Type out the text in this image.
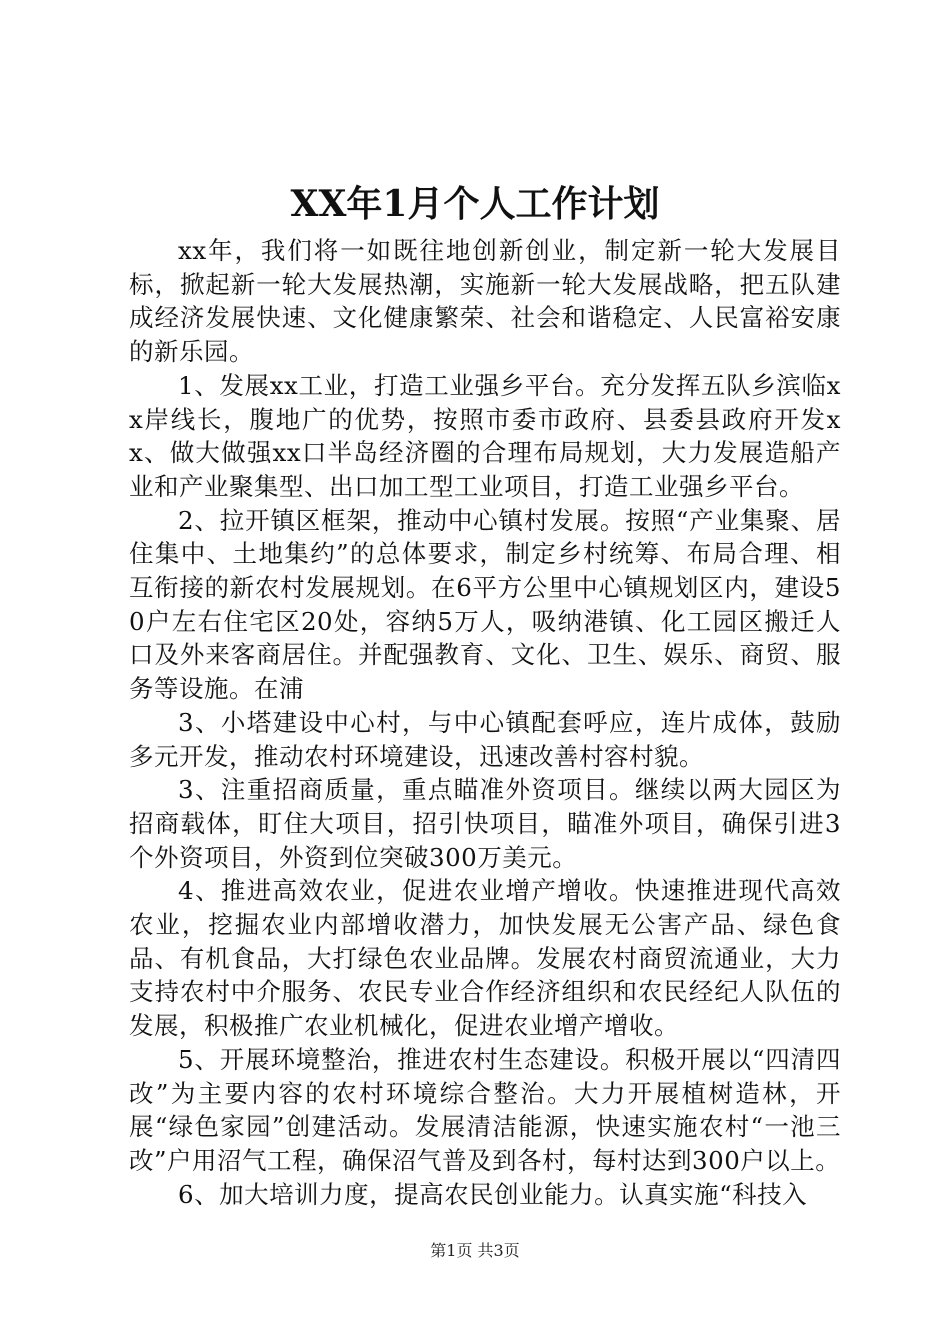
XX年1月个人工作计划

xx年，我们将一如既往地创新创业，制定新一轮大发展目标，掀起新一轮大发展热潮，实施新一轮大发展战略，把五队建成经济发展快速、文化健康繁荣、社会和谐稳定、人民富裕安康的新乐园。

1、发展xx工业，打造工业强乡平台。充分发挥五队乡滨临xx岸线长，腹地广的优势，按照市委市政府、县委县政府开发xx、做大做强xx口半岛经济圈的合理布局规划，大力发展造船产业和产业聚集型、出口加工型工业项目，打造工业强乡平台。

2、拉开镇区框架，推动中心镇村发展。按照“产业集聚、居住集中、土地集约”的总体要求，制定乡村统筹、布局合理、相互衔接的新农村发展规划。在6平方公里中心镇规划区内，建设50户左右住宅区20处，容纳5万人，吸纳港镇、化工园区搬迁人口及外来客商居住。并配强教育、文化、卫生、娱乐、商贸、服务等设施。在浦

3、小塔建设中心村，与中心镇配套呼应，连片成体，鼓励多元开发，推动农村环境建设，迅速改善村容村貌。

3、注重招商质量，重点瞄准外资项目。继续以两大园区为招商载体，盯住大项目，招引快项目，瞄准外项目，确保引进3个外资项目，外资到位突破300万美元。

4、推进高效农业，促进农业增产增收。快速推进现代高效农业，挖掘农业内部增收潜力，加快发展无公害产品、绿色食品、有机食品，大打绿色农业品牌。发展农村商贸流通业，大力支持农村中介服务、农民专业合作经济组织和农民经纪人队伍的发展，积极推广农业机械化，促进农业增产增收。

5、开展环境整治，推进农村生态建设。积极开展以“四清四改”为主要内容的农村环境综合整治。大力开展植树造林，开展“绿色家园”创建活动。发展清洁能源，快速实施农村“一池三改”户用沼气工程，确保沼气普及到各村，每村达到300户以上。

6、加大培训力度，提高农民创业能力。认真实施“科技入

第1页 共3页
